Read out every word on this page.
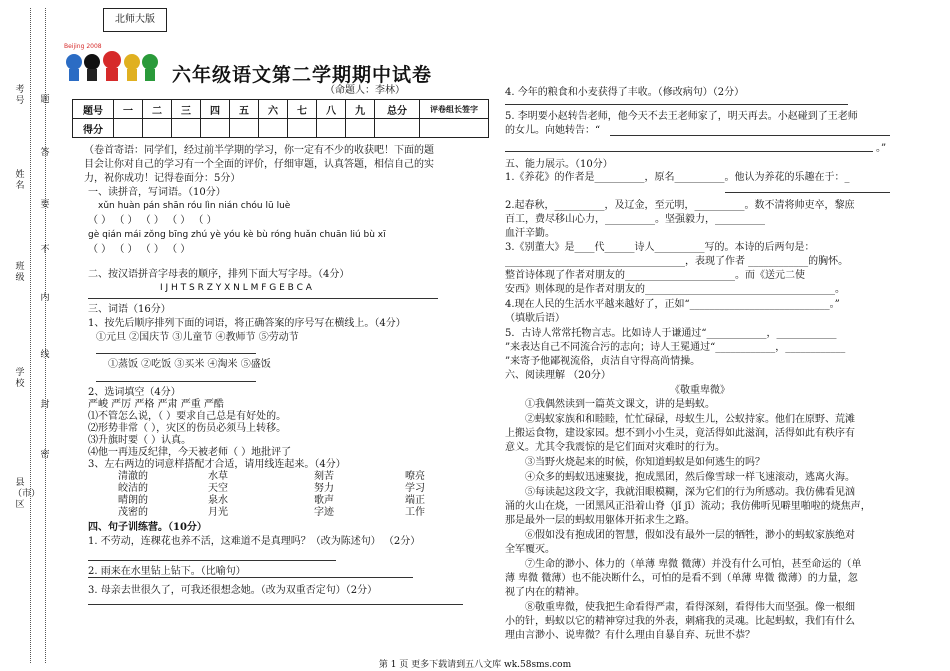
考号
姓名
班级
学校
县（市）区
题
答
要
不
内
线
封
密
北师大版
Beijing 2008
六年级语文第二学期期中试卷
（命题人：李林）
题号	一	二	三	四	五	六	七	八	九	总分	评卷组长签字
得分											
（卷首寄语：同学们，经过前半学期的学习，你一定有不少的收获吧！下面的题
目会让你对自己的学习有一个全面的评价，仔细审题，认真答题，相信自己的实
力，祝你成功！记得卷面分：5分）
一、读拼音，写词语。（10分）
xǔn huàn pán shān róu lìn nián chóu lū luè
（ ） （ ） （ ） （ ） （ ）
gè qián mái zǒng bīng zhú yè yóu kè bù róng huǎn chuān liú bù xī
（ ） （ ） （ ） （ ）
二、按汉语拼音字母表的顺序，排列下面大写字母。（4分）
I J H T S R Z Y X N L M F G E B C A
三、词语（16分）
1、按先后顺序排列下面的词语，将正确答案的序号写在横线上。（4分）
①元旦 ②国庆节 ③儿童节 ④教师节 ⑤劳动节
①蒸饭 ②吃饭 ③买米 ④淘米 ⑤盛饭
2、选词填空（4分）
严峻 严厉 严格 严肃 严重 严酷
⑴不管怎么说，（ ）要求自己总是有好处的。
⑵形势非常（ ），灾区的伤员必须马上转移。
⑶升旗时要（ ）认真。
⑷他一再违反纪律，今天被老师（ ）地批评了
3、左右两边的词意样搭配才合适，请用线连起来。（4分）
清澈的	水草	刻苦	嘹亮
皎洁的	天空	努力	学习
晴朗的	泉水	歌声	端正
茂密的	月光	字迹	工作
四、句子训练营。（10分）
1. 不劳动，连稞花也养不活，这难道不是真理吗？（改为陈述句） （2分）
2. 雨来在水里钻上钻下。（比喻句）
3. 母亲去世很久了，可我还很想念她。（改为双重否定句）（2分）
4. 今年的粮食和小麦获得了丰收。（修改病句）（2分）
5. 李明要小赵转告老师，他今天不去王老师家了，明天再去。小赵碰到了王老师
的女儿。向她转告：“
。”
五、能力展示。（10分）
1.《养花》的作者是__________，原名__________。他认为养花的乐趣在于：_
2.起春秋，__________，及辽金，至元明，__________。数不清将帅吏卒，黎庶
百工，费尽移山心力，__________。坚强毅力，__________
血汗辛勤。
3.《别董大》是____代______诗人__________写的。本诗的后两句是：
____________________________________，表现了作者 ____________的胸怀。
整首诗体现了作者对朋友的______________________。而《送元二使
安西》则体现的是作者对朋友的______________________________________。
4.现在人民的生活水平越来越好了，正如“____________________________。”
（填歇后语）
5．古诗人常常托物言志。比如诗人于谦通过“____________，____________
”来表达自己不同流合污的志向；诗人王冕通过“____________，____________
”来寄予他鄙视流俗，贞洁自守得高尚情操。
六、阅读理解 （20分）
《敬重卑微》
①我偶然读到一篇英文课文，讲的是蚂蚁。
②蚂蚁家族和和睦睦，忙忙碌碌，母蚁生儿，公蚁持家。他们在原野、荒滩
上搬运食物，建设家园。想不到小小生灵，竟活得如此滋润，活得如此有秩序有
意义。尤其令我震惊的是它们面对灾难时的行为。
③当野火烧起来的时候，你知道蚂蚁是如何逃生的吗？
④众多的蚂蚁迅速聚拢，抱成黑团，然后像雪球一样飞速滚动，逃离火海。
⑤每读起这段文字，我就泪眼模糊，深为它们的行为所感动。我仿佛看见汹
涌的火山在烧，一团黑风正沿着山脊（jǐ jī）流动；我仿佛听见噼里啪啦的烧焦声，
那是最外一层的蚂蚁用躯体开拓求生之路。
⑥假如没有抱成团的智慧，假如没有最外一层的牺牲，渺小的蚂蚁家族绝对
全军覆灭。
⑦生命的渺小、体力的（单薄 卑微 微薄）并没有什么可怕，甚至命运的（单
薄 卑微 微薄）也不能决断什么，可怕的是看不到（单薄 卑微 微薄）的力量，忽
视了内在的精神。
⑧敬重卑微，使我把生命看得严肃，看得深刻，看得伟大而坚强。像一根细
小的针，蚂蚁以它的精神穿过我的外表，刺痛我的灵魂。比起蚂蚁，我们有什么
理由言渺小、说卑微？有什么理由自暴自弃、玩世不恭？
第 1 页 更多下载请到五八文库 wk.58sms.com
